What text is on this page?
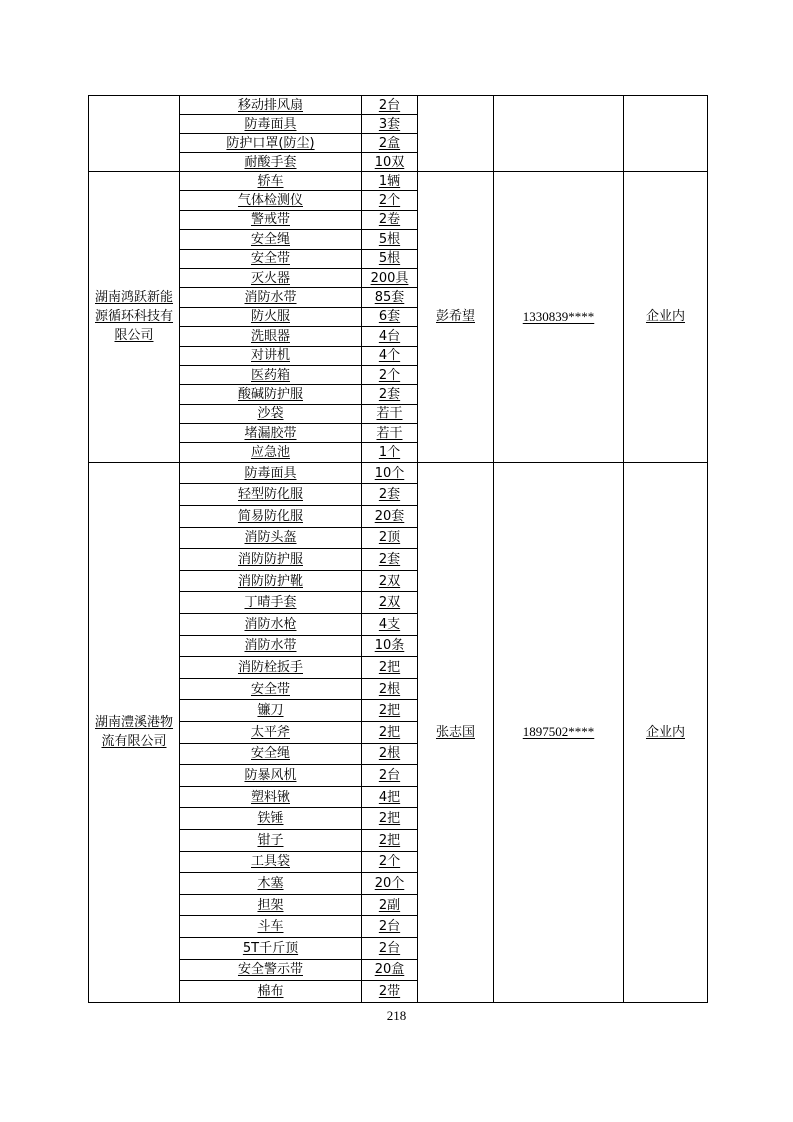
	移动排风扇	2台			
	防毒面具	3套			
	防护口罩(防尘)	2盒			
	耐酸手套	10双			
湖南鸿跃新能源循环科技有限公司	轿车	1辆	彭希望	1330839****	企业内
	气体检测仪	2个			
	警戒带	2卷			
	安全绳	5根			
	安全带	5根			
	灭火器	200具			
	消防水带	85套			
	防火服	6套			
	洗眼器	4台			
	对讲机	4个			
	医药箱	2个			
	酸碱防护服	2套			
	沙袋	若干			
	堵漏胶带	若干			
	应急池	1个			
湖南澧溪港物流有限公司	防毒面具	10个	张志国	1897502****	企业内
	轻型防化服	2套			
	简易防化服	20套			
	消防头盔	2顶			
	消防防护服	2套			
	消防防护靴	2双			
	丁晴手套	2双			
	消防水枪	4支			
	消防水带	10条			
	消防栓扳手	2把			
	安全带	2根			
	镰刀	2把			
	太平斧	2把			
	安全绳	2根			
	防暴风机	2台			
	塑料锹	4把			
	铁锤	2把			
	钳子	2把			
	工具袋	2个			
	木塞	20个			
	担架	2副			
	斗车	2台			
	5T千斤顶	2台			
	安全警示带	20盒			
	棉布	2带			
218
